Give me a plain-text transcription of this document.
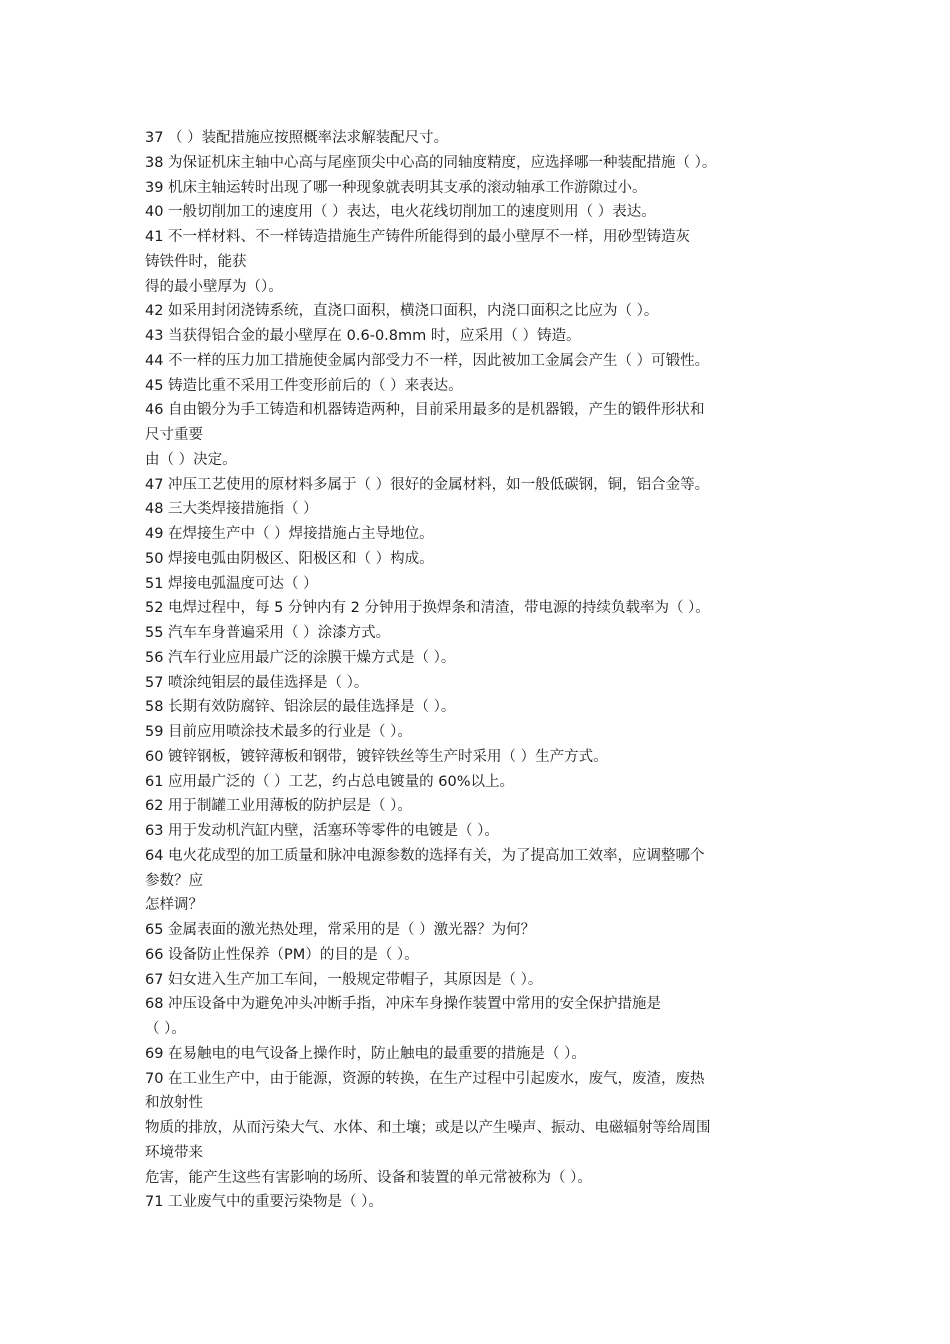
37 （ ）装配措施应按照概率法求解装配尺寸。
38 为保证机床主轴中心高与尾座顶尖中心高的同轴度精度，应选择哪一种装配措施（ ）。
39 机床主轴运转时出现了哪一种现象就表明其支承的滚动轴承工作游隙过小。
40 一般切削加工的速度用（ ）表达，电火花线切削加工的速度则用（ ）表达。
41 不一样材料、不一样铸造措施生产铸件所能得到的最小壁厚不一样，用砂型铸造灰
铸铁件时，能获
得的最小壁厚为（）。
42 如采用封闭浇铸系统，直浇口面积，横浇口面积，内浇口面积之比应为（ ）。
43 当获得铝合金的最小壁厚在 0.6-0.8mm 时，应采用（ ）铸造。
44 不一样的压力加工措施使金属内部受力不一样，因此被加工金属会产生（ ）可锻性。
45 铸造比重不采用工件变形前后的（ ）来表达。
46 自由锻分为手工铸造和机器铸造两种，目前采用最多的是机器锻，产生的锻件形状和
尺寸重要
由（ ）决定。
47 冲压工艺使用的原材料多属于（ ）很好的金属材料，如一般低碳钢，铜，铝合金等。
48 三大类焊接措施指（ ）
49 在焊接生产中（ ）焊接措施占主导地位。
50 焊接电弧由阴极区、阳极区和（ ）构成。
51 焊接电弧温度可达（ ）
52 电焊过程中，每 5 分钟内有 2 分钟用于换焊条和清渣，带电源的持续负载率为（ ）。
55 汽车车身普遍采用（ ）涂漆方式。
56 汽车行业应用最广泛的涂膜干燥方式是（ ）。
57 喷涂纯钼层的最佳选择是（ ）。
58 长期有效防腐锌、铝涂层的最佳选择是（ ）。
59 目前应用喷涂技术最多的行业是（ ）。
60 镀锌钢板，镀锌薄板和钢带，镀锌铁丝等生产时采用（ ）生产方式。
61 应用最广泛的（ ）工艺，约占总电镀量的 60%以上。
62 用于制罐工业用薄板的防护层是（ ）。
63 用于发动机汽缸内壁，活塞环等零件的电镀是（ ）。
64 电火花成型的加工质量和脉冲电源参数的选择有关，为了提高加工效率，应调整哪个
参数？应
怎样调？
65 金属表面的激光热处理，常采用的是（ ）激光器？为何？
66 设备防止性保养（PM）的目的是（ ）。
67 妇女进入生产加工车间，一般规定带帽子，其原因是（ ）。
68 冲压设备中为避免冲头冲断手指，冲床车身操作装置中常用的安全保护措施是
（ ）。
69 在易触电的电气设备上操作时，防止触电的最重要的措施是（ ）。
70 在工业生产中，由于能源，资源的转换，在生产过程中引起废水，废气，废渣，废热
和放射性
物质的排放，从而污染大气、水体、和土壤；或是以产生噪声、振动、电磁辐射等给周围
环境带来
危害，能产生这些有害影响的场所、设备和装置的单元常被称为（ ）。
71 工业废气中的重要污染物是（ ）。
